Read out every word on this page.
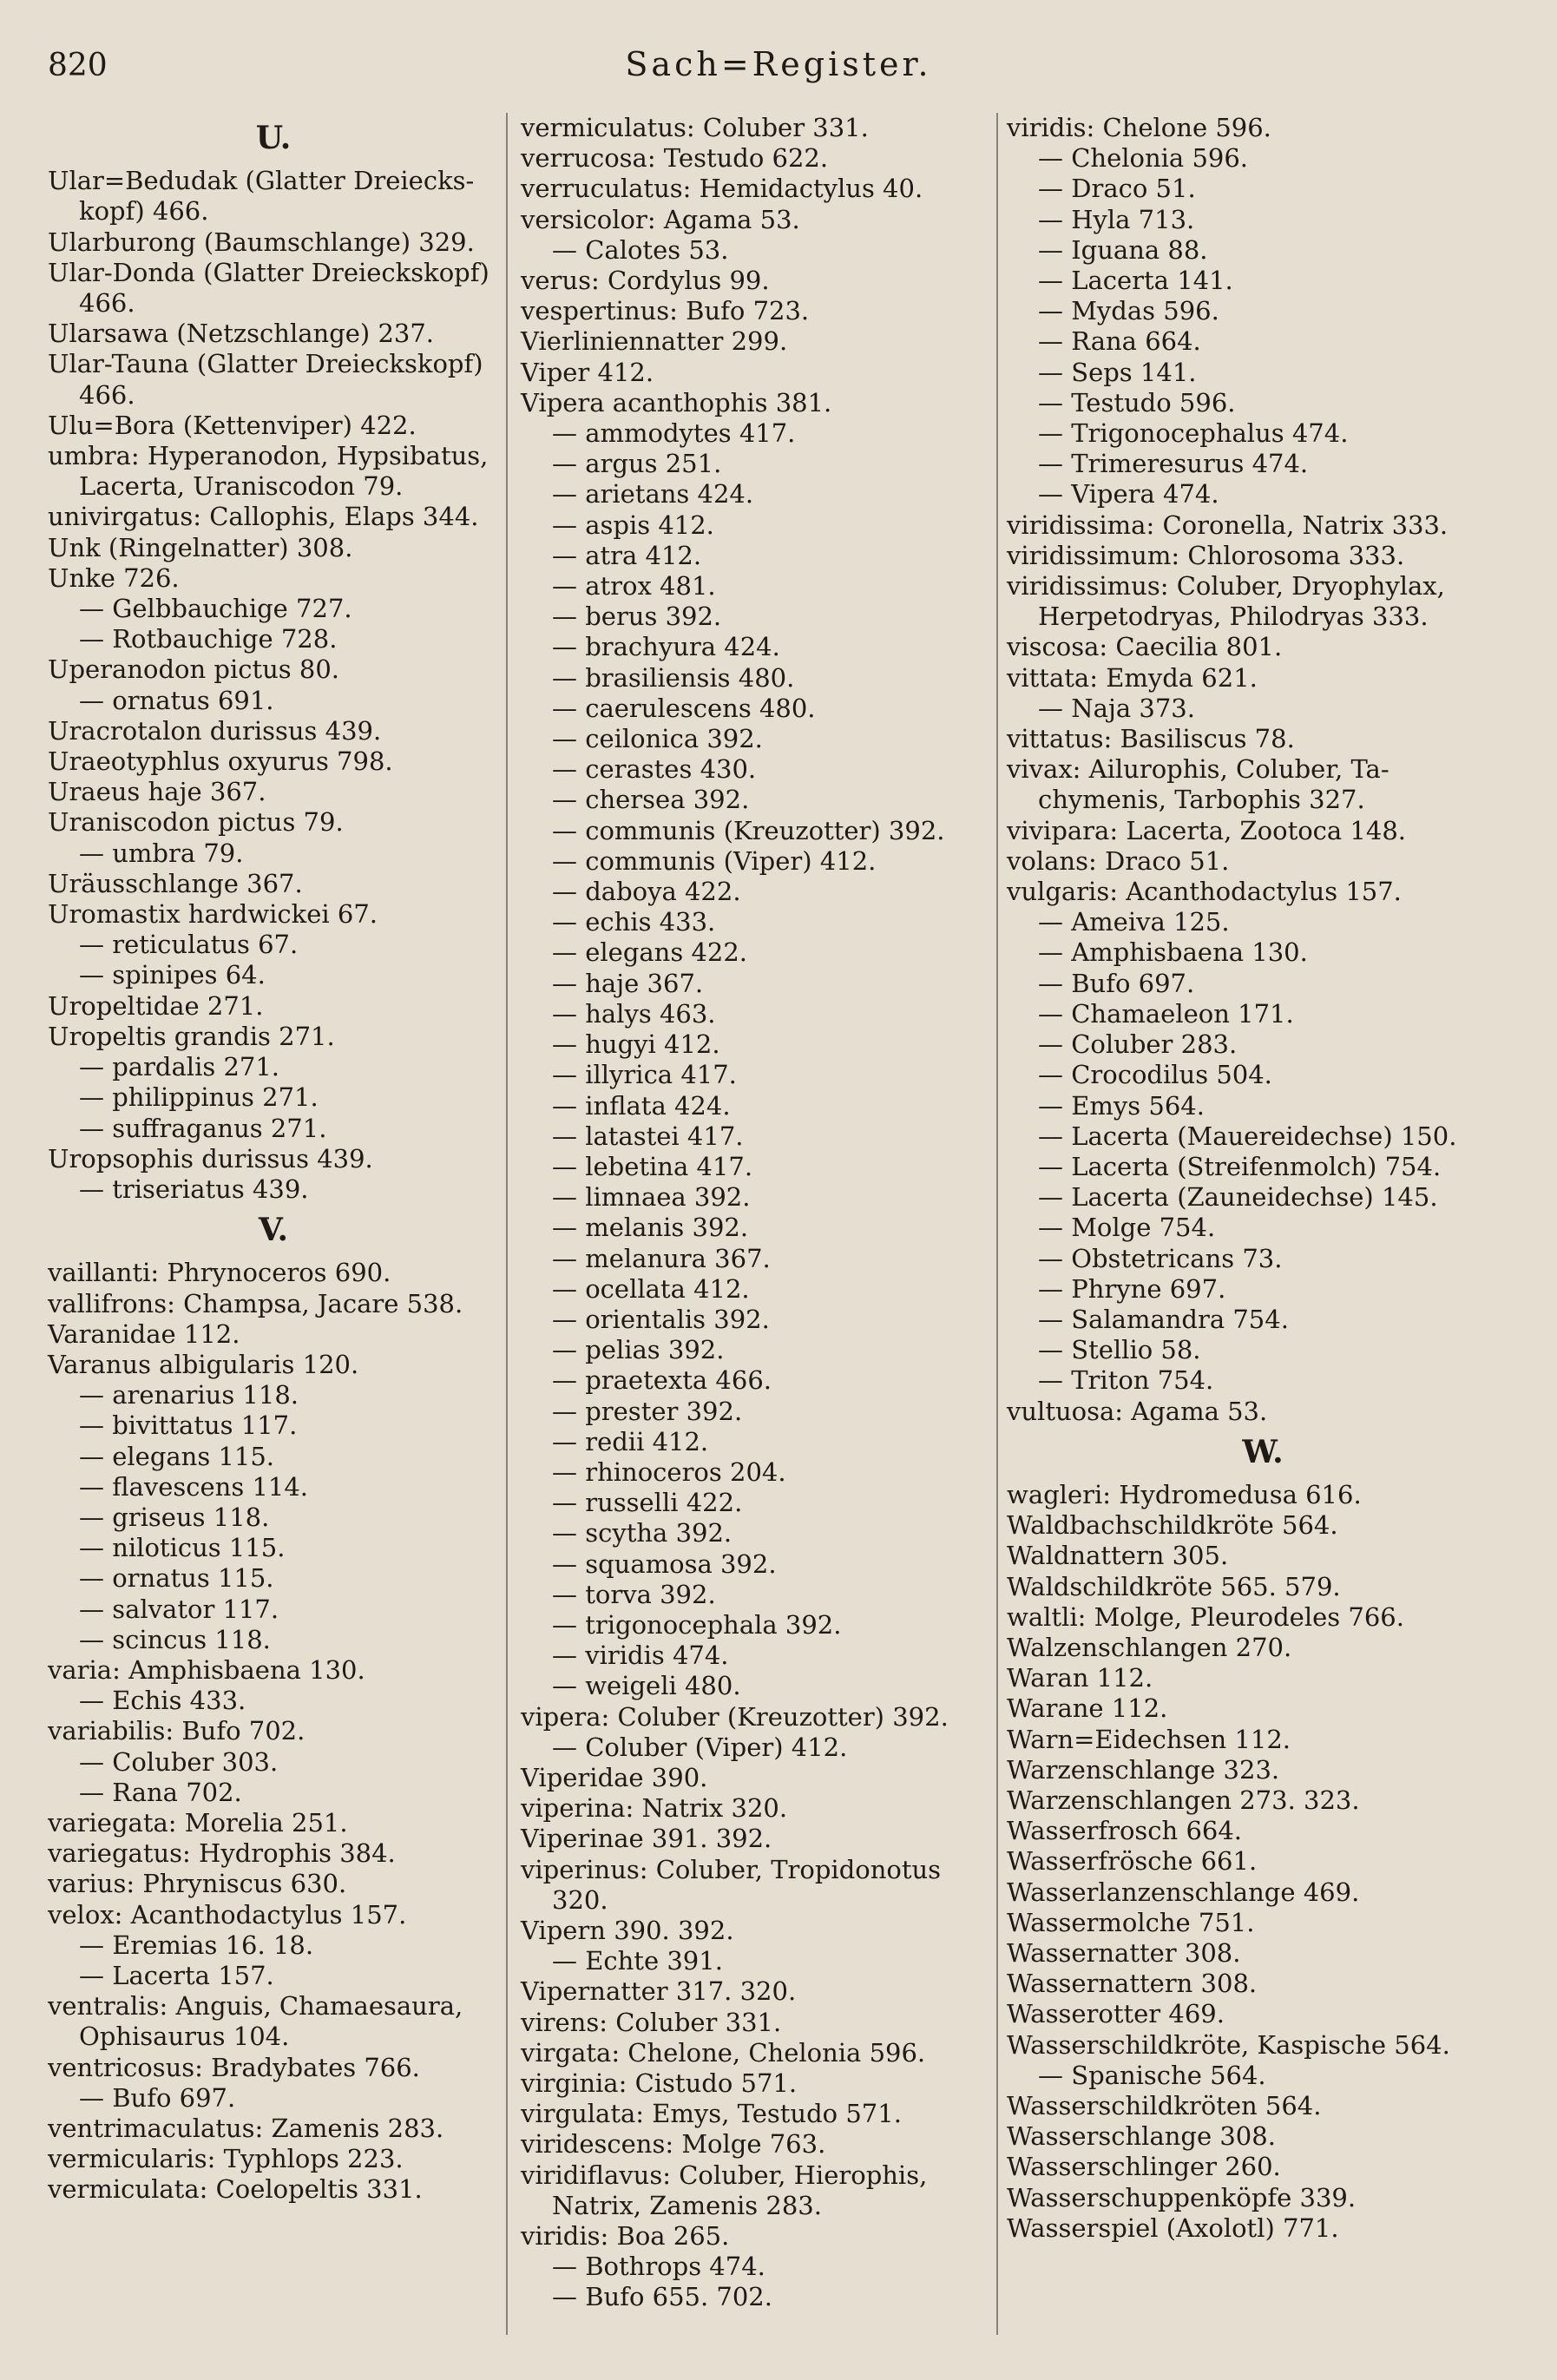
820	Sach=Register.
U.
Ular=Bedudak (Glatter Dreiecks-
kopf) 466.
Ularburong (Baumschlange) 329.
Ular-Donda (Glatter Dreieckskopf)
466.
Ularsawa (Netzschlange) 237.
Ular-Tauna (Glatter Dreieckskopf)
466.
Ulu=Bora (Kettenviper) 422.
umbra: Hyperanodon, Hypsibatus,
Lacerta, Uraniscodon 79.
univirgatus: Callophis, Elaps 344.
Unk (Ringelnatter) 308.
Unke 726.
— Gelbbauchige 727.
— Rotbauchige 728.
Uperanodon pictus 80.
— ornatus 691.
Uracrotalon durissus 439.
Uraeotyphlus oxyurus 798.
Uraeus haje 367.
Uraniscodon pictus 79.
— umbra 79.
Uräusschlange 367.
Uromastix hardwickei 67.
— reticulatus 67.
— spinipes 64.
Uropeltidae 271.
Uropeltis grandis 271.
— pardalis 271.
— philippinus 271.
— suffraganus 271.
Uropsophis durissus 439.
— triseriatus 439.
V.
vaillanti: Phrynoceros 690.
vallifrons: Champsa, Jacare 538.
Varanidae 112.
Varanus albigularis 120.
— arenarius 118.
— bivittatus 117.
— elegans 115.
— flavescens 114.
— griseus 118.
— niloticus 115.
— ornatus 115.
— salvator 117.
— scincus 118.
varia: Amphisbaena 130.
— Echis 433.
variabilis: Bufo 702.
— Coluber 303.
— Rana 702.
variegata: Morelia 251.
variegatus: Hydrophis 384.
varius: Phryniscus 630.
velox: Acanthodactylus 157.
— Eremias 16. 18.
— Lacerta 157.
ventralis: Anguis, Chamaesaura,
Ophisaurus 104.
ventricosus: Bradybates 766.
— Bufo 697.
ventrimaculatus: Zamenis 283.
vermicularis: Typhlops 223.
vermiculata: Coelopeltis 331.
vermiculatus: Coluber 331.
verrucosa: Testudo 622.
verruculatus: Hemidactylus 40.
versicolor: Agama 53.
— Calotes 53.
verus: Cordylus 99.
vespertinus: Bufo 723.
Vierliniennatter 299.
Viper 412.
Vipera acanthophis 381.
— ammodytes 417.
— argus 251.
— arietans 424.
— aspis 412.
— atra 412.
— atrox 481.
— berus 392.
— brachyura 424.
— brasiliensis 480.
— caerulescens 480.
— ceilonica 392.
— cerastes 430.
— chersea 392.
— communis (Kreuzotter) 392.
— communis (Viper) 412.
— daboya 422.
— echis 433.
— elegans 422.
— haje 367.
— halys 463.
— hugyi 412.
— illyrica 417.
— inflata 424.
— latastei 417.
— lebetina 417.
— limnaea 392.
— melanis 392.
— melanura 367.
— ocellata 412.
— orientalis 392.
— pelias 392.
— praetexta 466.
— prester 392.
— redii 412.
— rhinoceros 204.
— russelli 422.
— scytha 392.
— squamosa 392.
— torva 392.
— trigonocephala 392.
— viridis 474.
— weigeli 480.
vipera: Coluber (Kreuzotter) 392.
— Coluber (Viper) 412.
Viperidae 390.
viperina: Natrix 320.
Viperinae 391. 392.
viperinus: Coluber, Tropidonotus
320.
Vipern 390. 392.
— Echte 391.
Vipernatter 317. 320.
virens: Coluber 331.
virgata: Chelone, Chelonia 596.
virginia: Cistudo 571.
virgulata: Emys, Testudo 571.
viridescens: Molge 763.
viridiflavus: Coluber, Hierophis,
Natrix, Zamenis 283.
viridis: Boa 265.
— Bothrops 474.
— Bufo 655. 702.
viridis: Chelone 596.
— Chelonia 596.
— Draco 51.
— Hyla 713.
— Iguana 88.
— Lacerta 141.
— Mydas 596.
— Rana 664.
— Seps 141.
— Testudo 596.
— Trigonocephalus 474.
— Trimeresurus 474.
— Vipera 474.
viridissima: Coronella, Natrix 333.
viridissimum: Chlorosoma 333.
viridissimus: Coluber, Dryophylax,
Herpetodryas, Philodryas 333.
viscosa: Caecilia 801.
vittata: Emyda 621.
— Naja 373.
vittatus: Basiliscus 78.
vivax: Ailurophis, Coluber, Ta-
chymenis, Tarbophis 327.
vivipara: Lacerta, Zootoca 148.
volans: Draco 51.
vulgaris: Acanthodactylus 157.
— Ameiva 125.
— Amphisbaena 130.
— Bufo 697.
— Chamaeleon 171.
— Coluber 283.
— Crocodilus 504.
— Emys 564.
— Lacerta (Mauereidechse) 150.
— Lacerta (Streifenmolch) 754.
— Lacerta (Zauneidechse) 145.
— Molge 754.
— Obstetricans 73.
— Phryne 697.
— Salamandra 754.
— Stellio 58.
— Triton 754.
vultuosa: Agama 53.
W.
wagleri: Hydromedusa 616.
Waldbachschildkröte 564.
Waldnattern 305.
Waldschildkröte 565. 579.
waltli: Molge, Pleurodeles 766.
Walzenschlangen 270.
Waran 112.
Warane 112.
Warn=Eidechsen 112.
Warzenschlange 323.
Warzenschlangen 273. 323.
Wasserfrosch 664.
Wasserfrösche 661.
Wasserlanzenschlange 469.
Wassermolche 751.
Wassernatter 308.
Wassernattern 308.
Wasserotter 469.
Wasserschildkröte, Kaspische 564.
— Spanische 564.
Wasserschildkröten 564.
Wasserschlange 308.
Wasserschlinger 260.
Wasserschuppenköpfe 339.
Wasserspiel (Axolotl) 771.
